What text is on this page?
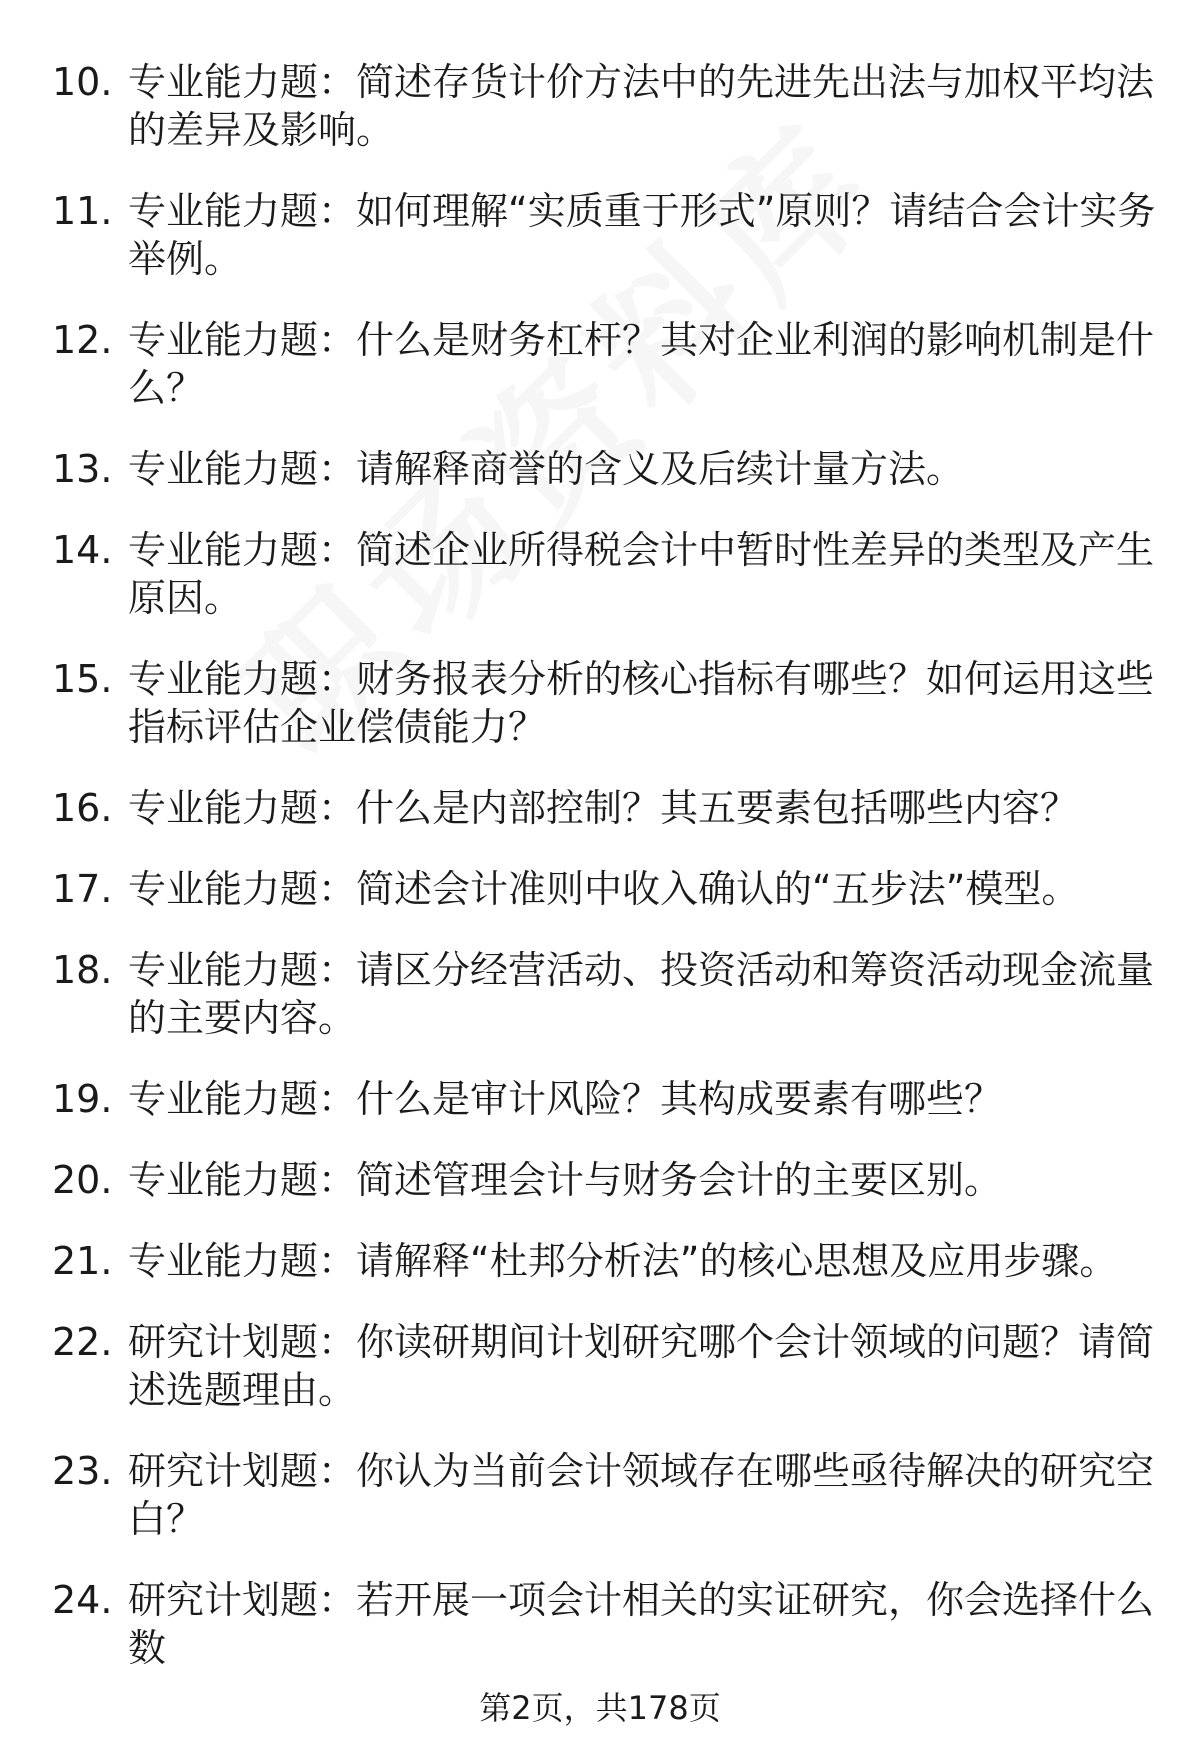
10. 专业能力题：简述存货计价方法中的先进先出法与加权平均法的差异及影响。
11. 专业能力题：如何理解“实质重于形式”原则？请结合会计实务举例。
12. 专业能力题：什么是财务杠杆？其对企业利润的影响机制是什么？
13. 专业能力题：请解释商誉的含义及后续计量方法。
14. 专业能力题：简述企业所得税会计中暂时性差异的类型及产生原因。
15. 专业能力题：财务报表分析的核心指标有哪些？如何运用这些指标评估企业偿债能力？
16. 专业能力题：什么是内部控制？其五要素包括哪些内容？
17. 专业能力题：简述会计准则中收入确认的“五步法”模型。
18. 专业能力题：请区分经营活动、投资活动和筹资活动现金流量的主要内容。
19. 专业能力题：什么是审计风险？其构成要素有哪些？
20. 专业能力题：简述管理会计与财务会计的主要区别。
21. 专业能力题：请解释“杜邦分析法”的核心思想及应用步骤。
22. 研究计划题：你读研期间计划研究哪个会计领域的问题？请简述选题理由。
23. 研究计划题：你认为当前会计领域存在哪些亟待解决的研究空白？
24. 研究计划题：若开展一项会计相关的实证研究，你会选择什么数
第2页，共178页
